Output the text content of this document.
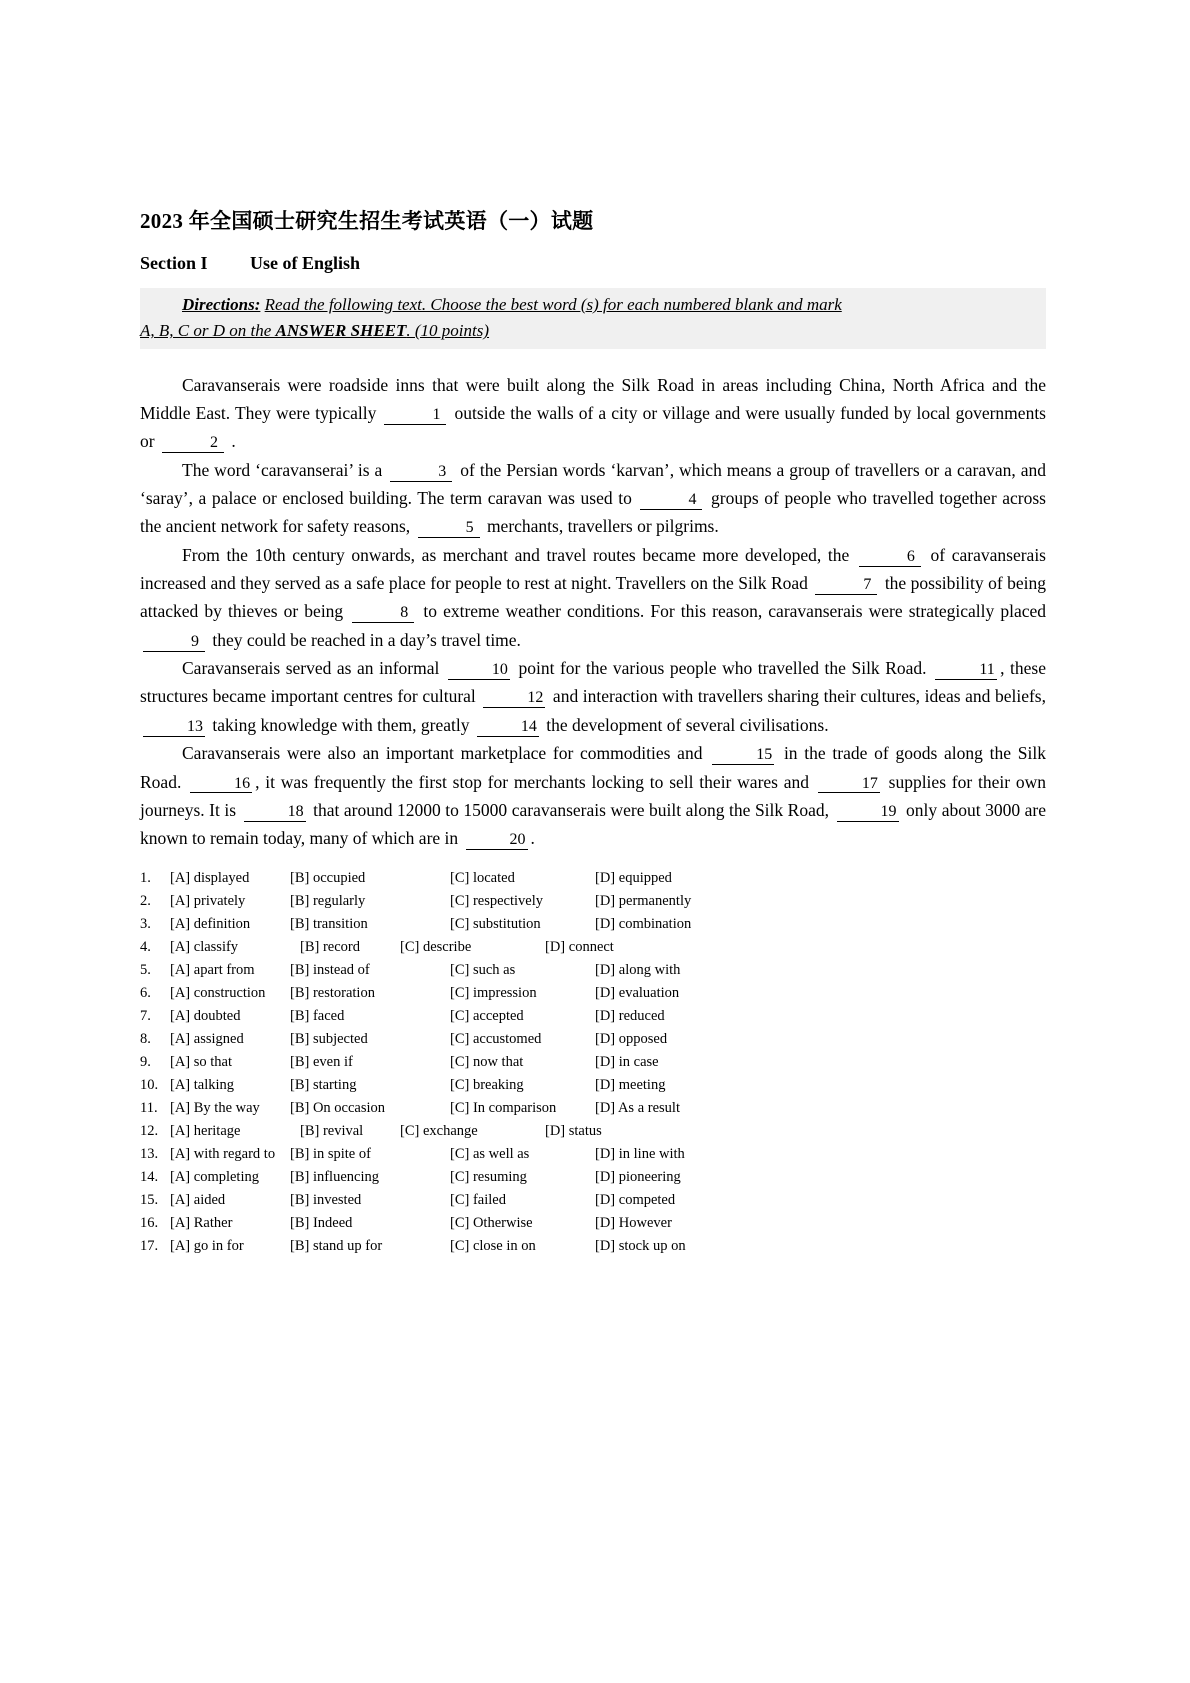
2023 年全国硕士研究生招生考试英语（一）试题
Section I Use of English

Directions: Read the following text. Choose the best word (s) for each numbered blank and mark

A, B, C or D on the ANSWER SHEET. (10 points)

Caravanserais were roadside inns that were built along the Silk Road in areas including China, North Africa and the Middle East. They were typically	1 outside the walls of a city or village and were usually funded by local governments or	2 .

The word ‘caravanserai’ is a	3 of the Persian words ‘karvan’, which means a group of travellers or a caravan, and ‘saray’, a palace or enclosed building. The term caravan was used to	4 groups of people who travelled together across the ancient network for safety reasons,	5 merchants, travellers or pilgrims.

From the 10th century onwards, as merchant and travel routes became more developed, the	6 of caravanserais increased and they served as a safe place for people to rest at night. Travellers on the Silk Road	7 the possibility of being attacked by thieves or being	8 to extreme weather conditions. For this reason, caravanserais were strategically placed 9 they could be reached in a day’s travel time.

Caravanserais served as an informal	10 point for the various people who travelled the Silk Road.	11 , these structures became important centres for cultural	12 and interaction with travellers sharing their cultures, ideas and beliefs, 13 taking knowledge with them, greatly	14 the development of several civilisations.

Caravanserais were also an important marketplace for commodities and	15 in the trade of goods along the Silk Road.	16 , it was frequently the first stop for merchants locking to sell their wares and	17 supplies for their own journeys. It is	18 that around 12000 to 15000 caravanserais were built along the Silk Road,	19 only about 3000 are known to remain today, many of which are in	20 .

1.	[A] displayed	[B] occupied	[C] located	[D] equipped
2.	[A] privately	[B] regularly	[C] respectively	[D] permanently
3.	[A] definition	[B] transition	[C] substitution	[D] combination
4.	[A] classify	[B] record	[C] describe	[D] connect
5.	[A] apart from	[B] instead of	[C] such as	[D] along with
6.	[A] construction	[B] restoration	[C] impression	[D] evaluation
7.	[A] doubted	[B] faced	[C] accepted	[D] reduced
8.	[A] assigned	[B] subjected	[C] accustomed	[D] opposed
9.	[A] so that	[B] even if	[C] now that	[D] in case
10. [A] talking	[B] starting	[C] breaking	[D] meeting
11. [A] By the way	[B] On occasion	[C] In comparison	[D] As a result
12. [A] heritage	[B] revival	[C] exchange	[D] status
13. [A] with regard to	[B] in spite of	[C] as well as	[D] in line with
14. [A] completing	[B] influencing	[C] resuming	[D] pioneering
15. [A] aided	[B] invested	[C] failed	[D] competed
16. [A] Rather	[B] Indeed	[C] Otherwise	[D] However
17. [A] go in for	[B] stand up for	[C] close in on	[D] stock up on
